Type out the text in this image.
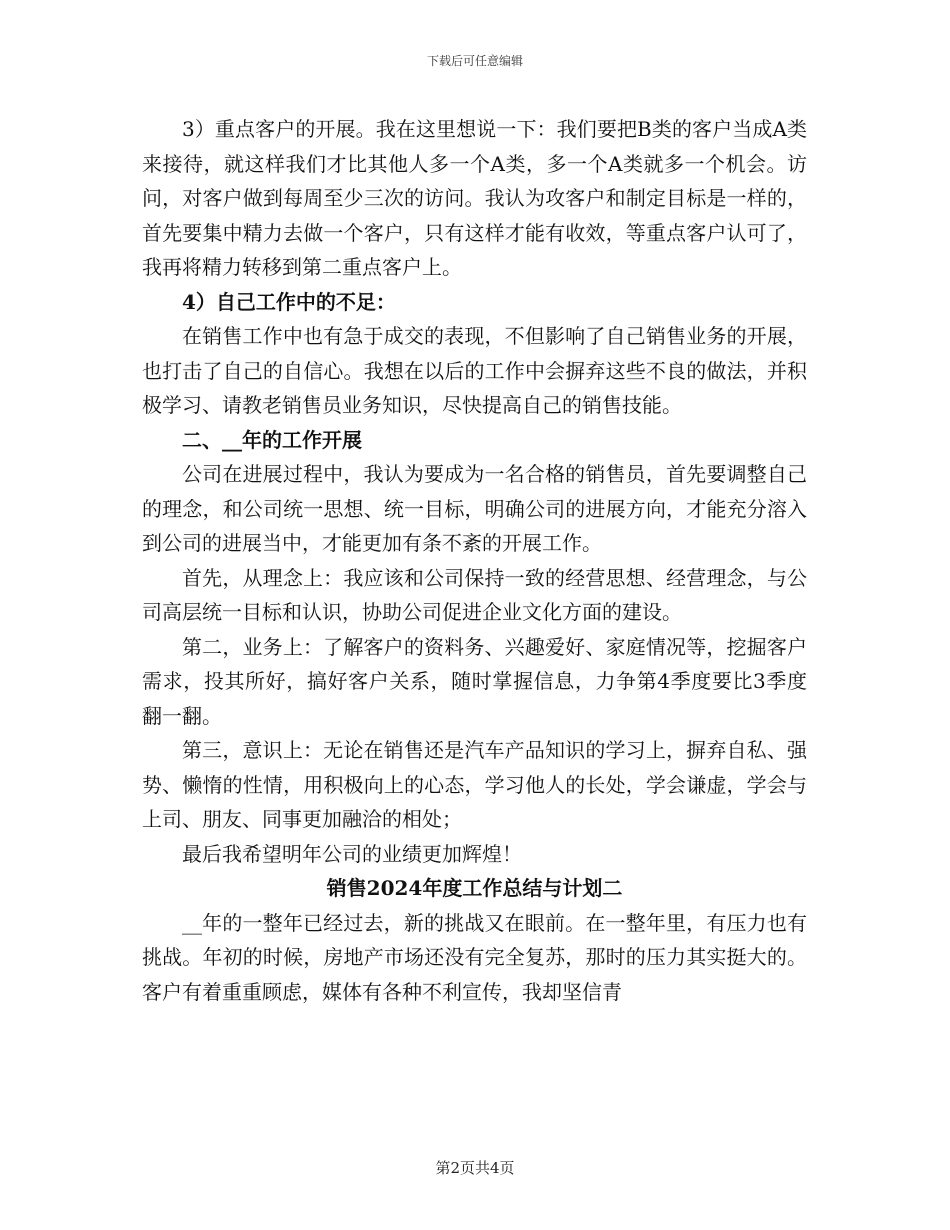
下载后可任意编辑

3）重点客户的开展。我在这里想说一下：我们要把B类的客户当成A类来接待，就这样我们才比其他人多一个A类，多一个A类就多一个机会。访问，对客户做到每周至少三次的访问。我认为攻客户和制定目标是一样的，首先要集中精力去做一个客户，只有这样才能有收效，等重点客户认可了，我再将精力转移到第二重点客户上。

4）自己工作中的不足：

在销售工作中也有急于成交的表现，不但影响了自己销售业务的开展，也打击了自己的自信心。我想在以后的工作中会摒弃这些不良的做法，并积极学习、请教老销售员业务知识，尽快提高自己的销售技能。

二、__年的工作开展

公司在进展过程中，我认为要成为一名合格的销售员，首先要调整自己的理念，和公司统一思想、统一目标，明确公司的进展方向，才能充分溶入到公司的进展当中，才能更加有条不紊的开展工作。

首先，从理念上：我应该和公司保持一致的经营思想、经营理念，与公司高层统一目标和认识，协助公司促进企业文化方面的建设。

第二，业务上：了解客户的资料务、兴趣爱好、家庭情况等，挖掘客户需求，投其所好，搞好客户关系，随时掌握信息，力争第4季度要比3季度翻一翻。

第三，意识上：无论在销售还是汽车产品知识的学习上，摒弃自私、强势、懒惰的性情，用积极向上的心态，学习他人的长处，学会谦虚，学会与上司、朋友、同事更加融洽的相处；

最后我希望明年公司的业绩更加辉煌！

销售2024年度工作总结与计划二

__年的一整年已经过去，新的挑战又在眼前。在一整年里，有压力也有挑战。年初的时候，房地产市场还没有完全复苏，那时的压力其实挺大的。客户有着重重顾虑，媒体有各种不利宣传，我却坚信青

第2页共4页
